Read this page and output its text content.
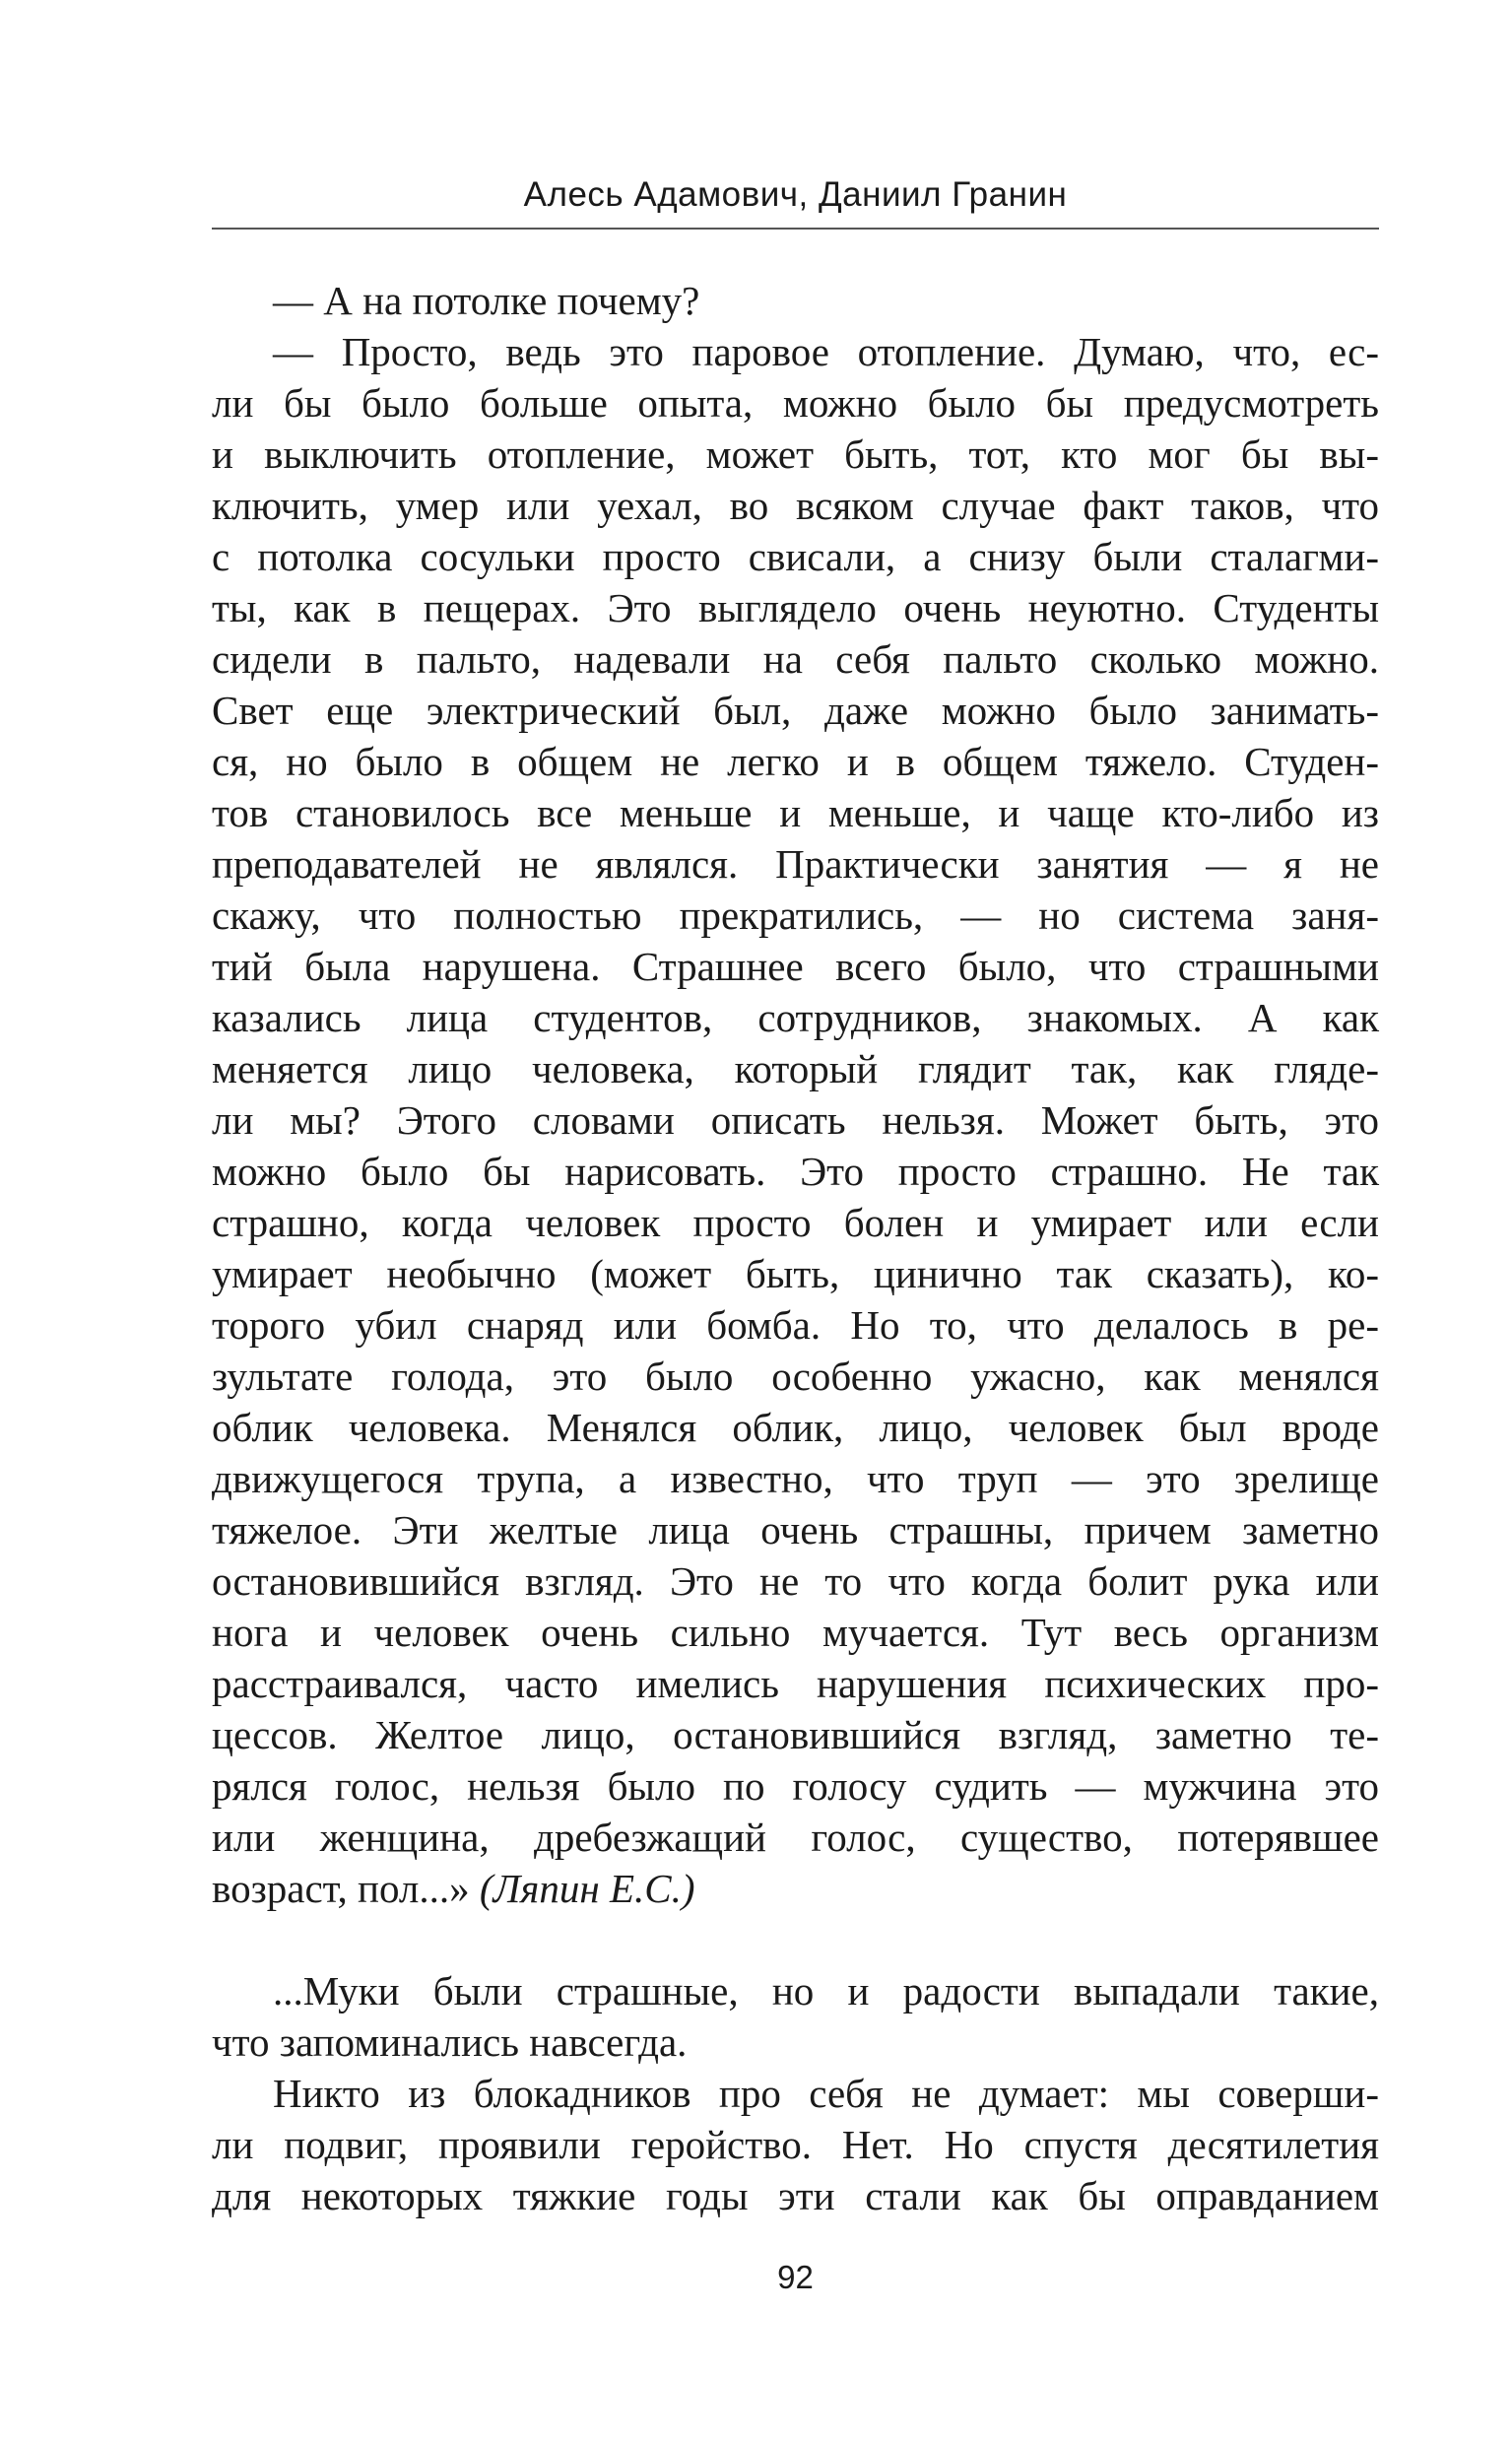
Алесь Адамович, Даниил Гранин
— А на потолке почему?
— Просто, ведь это паровое отопление. Думаю, что, ес-
ли бы было больше опыта, можно было бы предусмотреть
и выключить отопление, может быть, тот, кто мог бы вы-
ключить, умер или уехал, во всяком случае факт таков, что
с потолка сосульки просто свисали, а снизу были сталагми-
ты, как в пещерах. Это выглядело очень неуютно. Студенты
сидели в пальто, надевали на себя пальто сколько можно.
Свет еще электрический был, даже можно было занимать-
ся, но было в общем не легко и в общем тяжело. Студен-
тов становилось все меньше и меньше, и чаще кто-либо из
преподавателей не являлся. Практически занятия — я не
скажу, что полностью прекратились, — но система заня-
тий была нарушена. Страшнее всего было, что страшными
казались лица студентов, сотрудников, знакомых. А как
меняется лицо человека, который глядит так, как гляде-
ли мы? Этого словами описать нельзя. Может быть, это
можно было бы нарисовать. Это просто страшно. Не так
страшно, когда человек просто болен и умирает или если
умирает необычно (может быть, цинично так сказать), ко-
торого убил снаряд или бомба. Но то, что делалось в ре-
зультате голода, это было особенно ужасно, как менялся
облик человека. Менялся облик, лицо, человек был вроде
движущегося трупа, а известно, что труп — это зрелище
тяжелое. Эти желтые лица очень страшны, причем заметно
остановившийся взгляд. Это не то что когда болит рука или
нога и человек очень сильно мучается. Тут весь организм
расстраивался, часто имелись нарушения психических про-
цессов. Желтое лицо, остановившийся взгляд, заметно те-
рялся голос, нельзя было по голосу судить — мужчина это
или женщина, дребезжащий голос, существо, потерявшее
возраст, пол...» (Ляпин Е.С.)
...Муки были страшные, но и радости выпадали такие,
что запоминались навсегда.
Никто из блокадников про себя не думает: мы соверши-
ли подвиг, проявили геройство. Нет. Но спустя десятилетия
для некоторых тяжкие годы эти стали как бы оправданием
92
